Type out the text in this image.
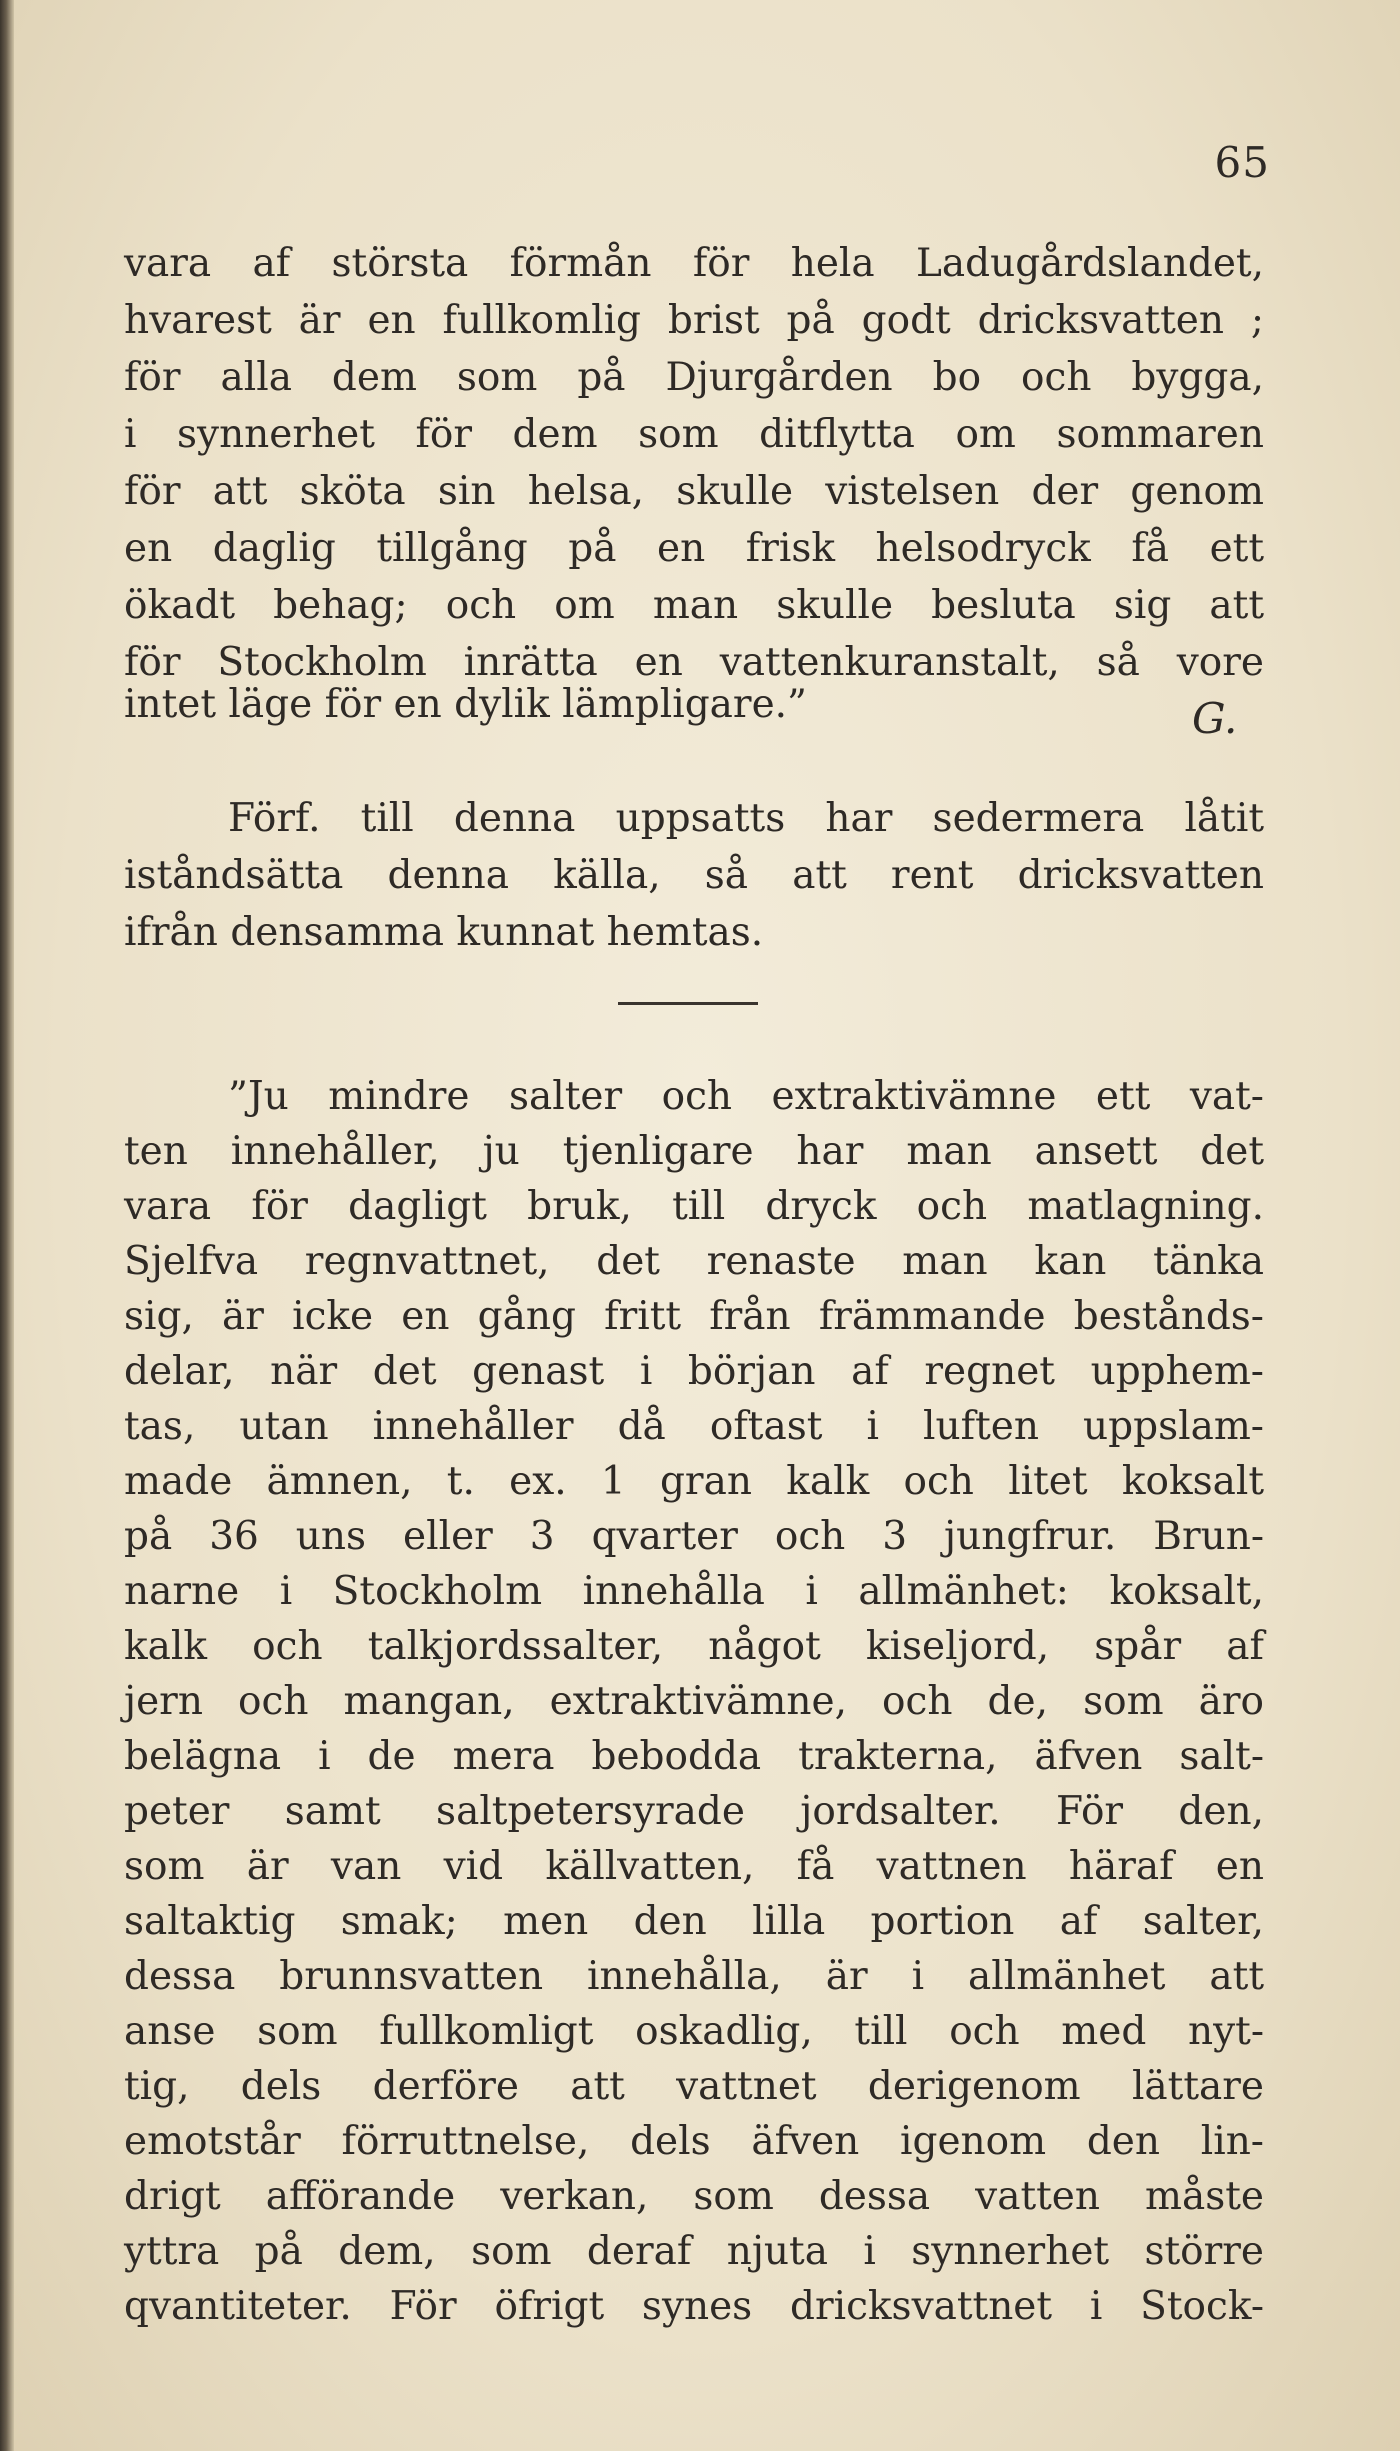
65
vara af största förmån för hela Ladugårdslandet,
hvarest är en fullkomlig brist på godt dricksvatten ;
för alla dem som på Djurgården bo och bygga,
i synnerhet för dem som ditflytta om sommaren
för att sköta sin helsa, skulle vistelsen der genom
en daglig tillgång på en frisk helsodryck få ett
ökadt behag; och om man skulle besluta sig att
för Stockholm inrätta en vattenkuranstalt, så vore
intet läge för en dylik lämpligare.”	G.
Förf. till denna uppsatts har sedermera låtit
iståndsätta denna källa, så att rent dricksvatten
ifrån densamma kunnat hemtas.
”Ju mindre salter och extraktivämne ett vat-
ten innehåller, ju tjenligare har man ansett det
vara för dagligt bruk, till dryck och matlagning.
Sjelfva regnvattnet, det renaste man kan tänka
sig, är icke en gång fritt från främmande bestånds-
delar, när det genast i början af regnet upphem-
tas, utan innehåller då oftast i luften uppslam-
made ämnen, t. ex. 1 gran kalk och litet koksalt
på 36 uns eller 3 qvarter och 3 jungfrur. Brun-
narne i Stockholm innehålla i allmänhet: koksalt,
kalk och talkjordssalter, något kiseljord, spår af
jern och mangan, extraktivämne, och de, som äro
belägna i de mera bebodda trakterna, äfven salt-
peter samt saltpetersyrade jordsalter. För den,
som är van vid källvatten, få vattnen häraf en
saltaktig smak; men den lilla portion af salter,
dessa brunnsvatten innehålla, är i allmänhet att
anse som fullkomligt oskadlig, till och med nyt-
tig, dels derföre att vattnet derigenom lättare
emotstår förruttnelse, dels äfven igenom den lin-
drigt afförande verkan, som dessa vatten måste
yttra på dem, som deraf njuta i synnerhet större
qvantiteter. För öfrigt synes dricksvattnet i Stock-
